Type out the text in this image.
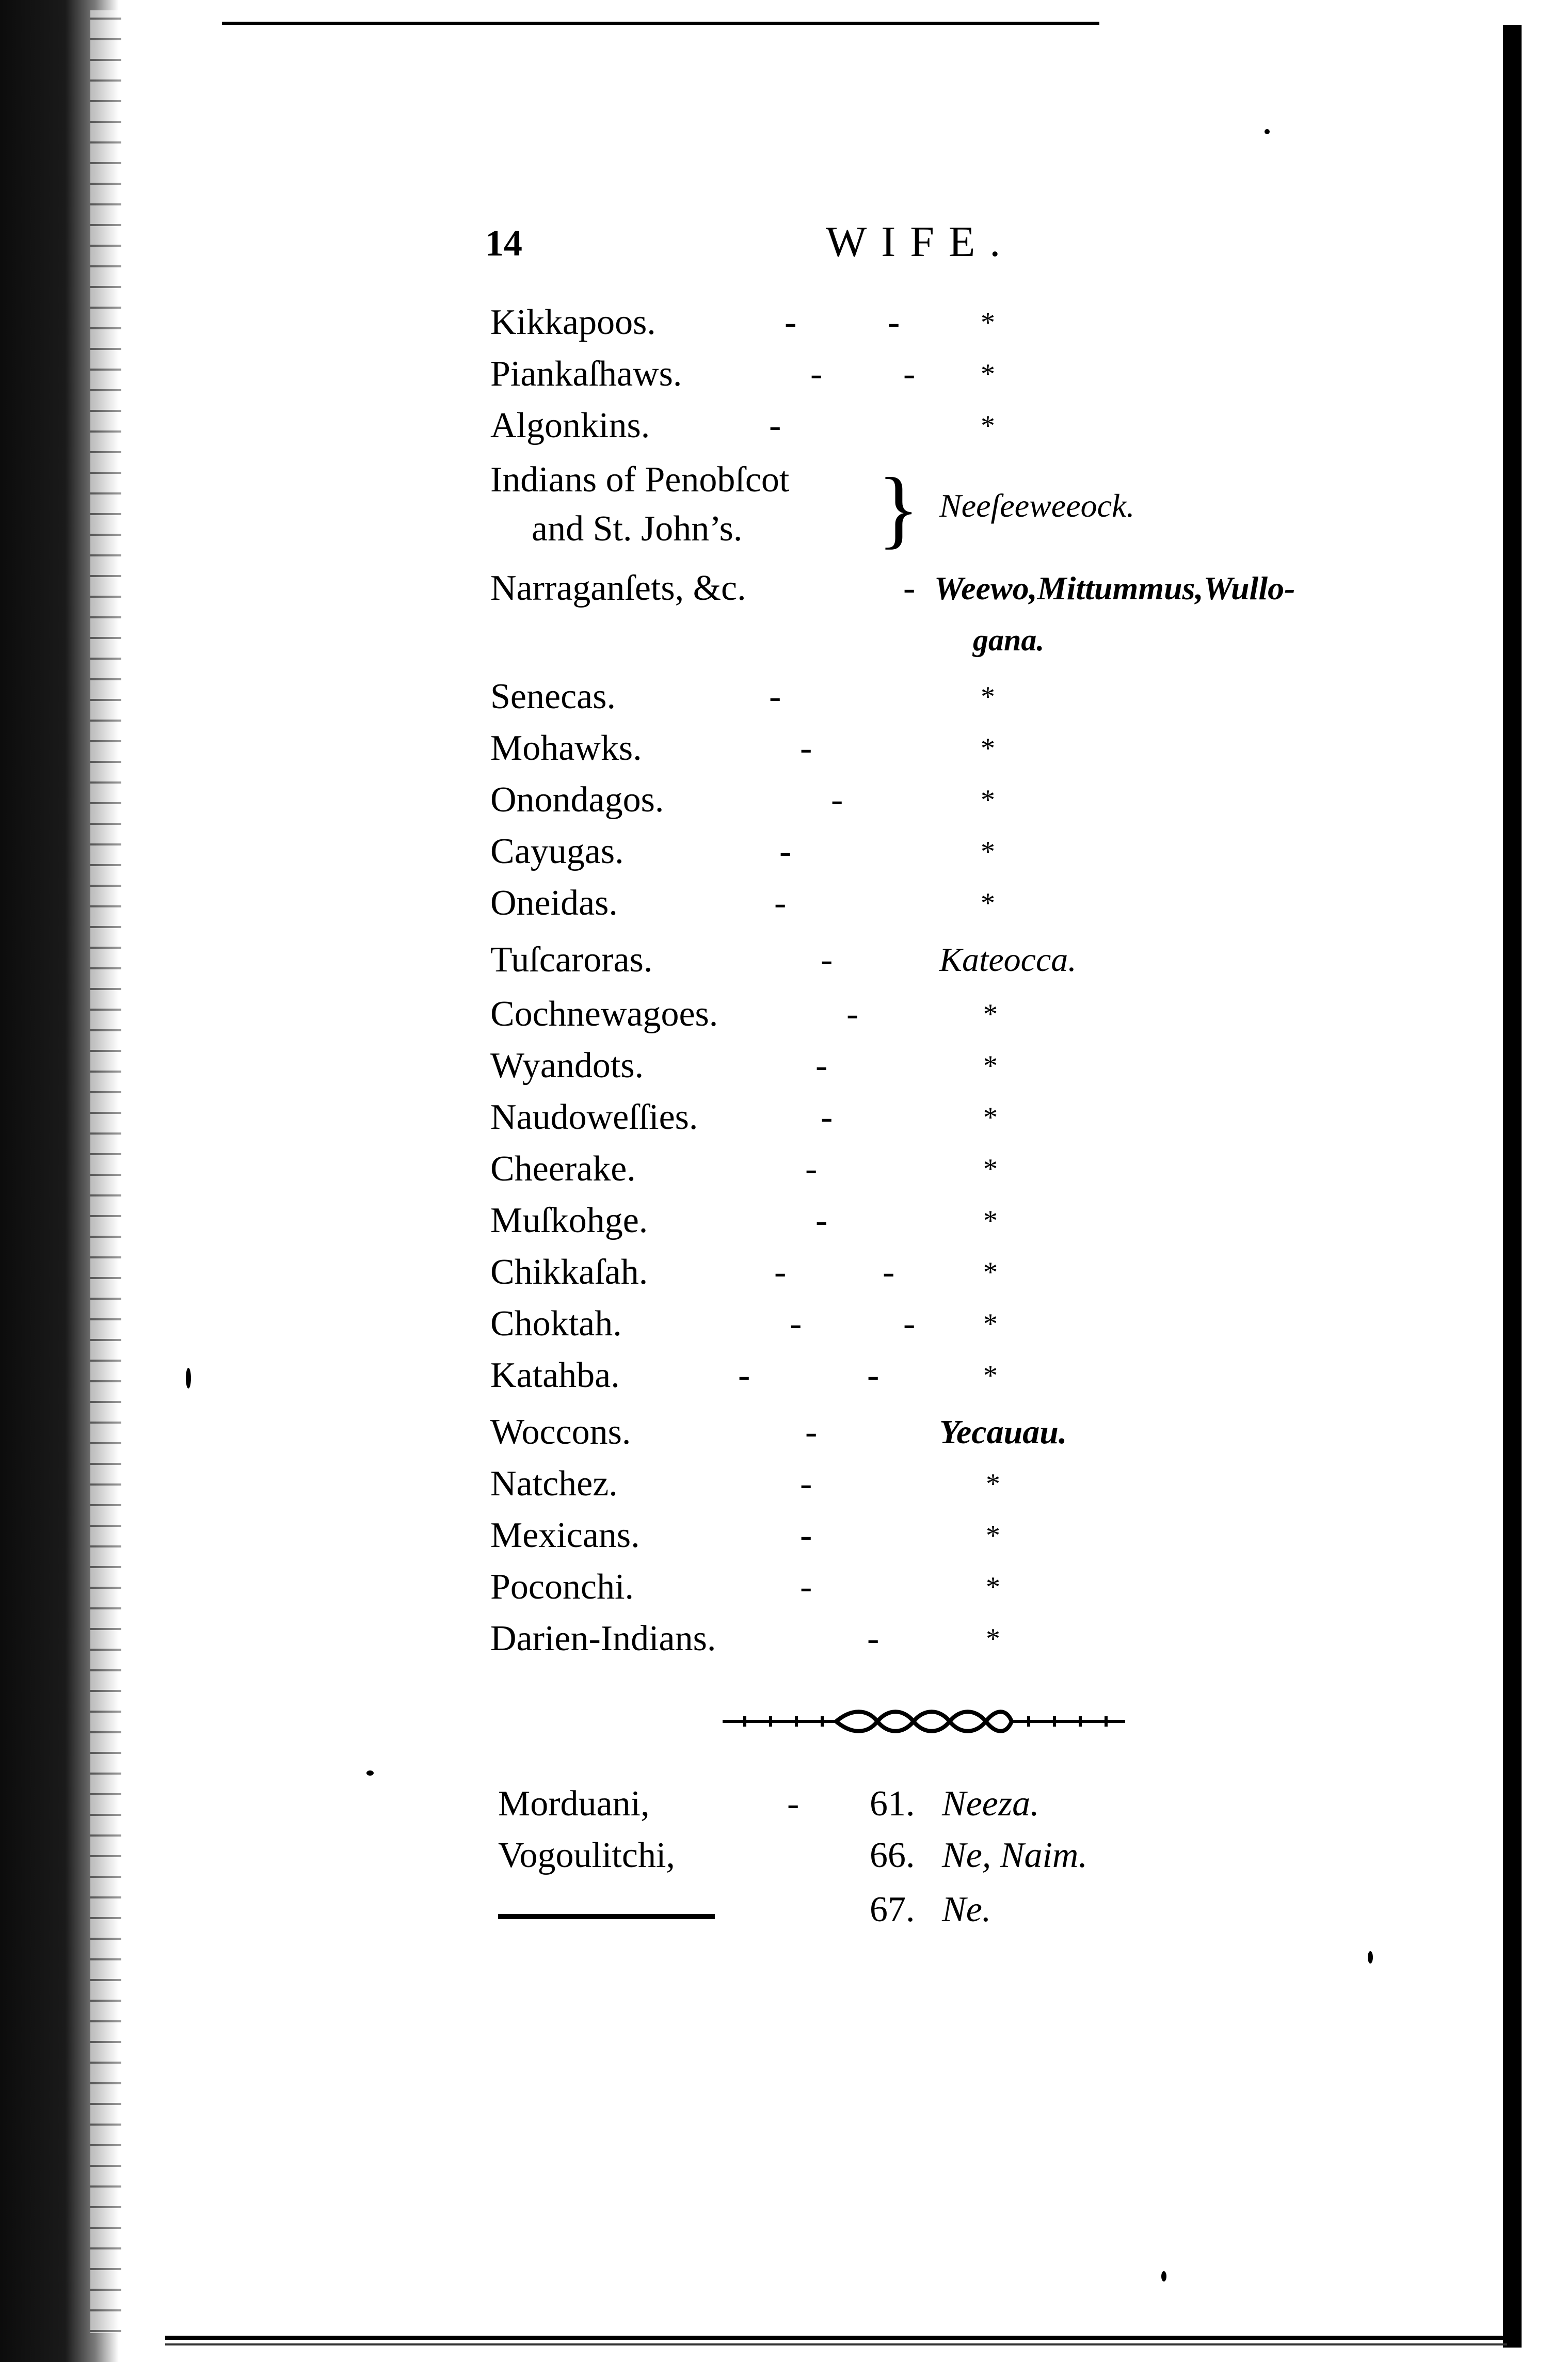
14	WIFE.
Kikkapoos.	-	-	*
Piankaſhaws.	- - *
Algonkins.	-	*
Indians of Penobſcot
and St. John’s.
Neeſeeweeock.
}
Narraganſets, &c.	- Weewo,Mittummus,Wullo-
gana.
Senecas.	-	*
Mohawks.	-	*
Onondagos.	-	*
Cayugas.	-	*
Oneidas.	-	*
Tuſcaroras.	-	Kateocca.
Cochnewagoes.	-	*
Wyandots.	-	*
Naudoweſſies.	-	*
Cheerake.	-	*
Muſkohge.	-	*
Chikkaſah.	-	-	*
Choktah.	-	- *
Katahba.	-	-	*
Woccons.	-	Yecauau.
Natchez.	-	*
Mexicans.	-	*
Poconchi.	-	*
Darien-Indians.	-	*
Morduani,	- 61. Neeza.
Vogoulitchi,	66. Ne, Naim.
67. Ne.
